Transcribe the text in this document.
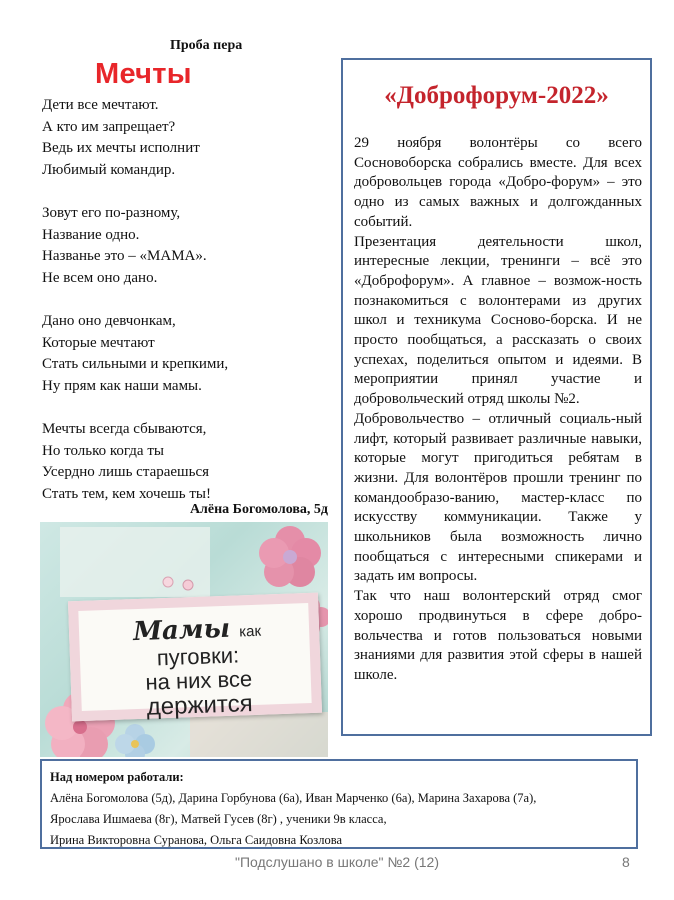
Проба пера
Мечты
Дети все мечтают.
А кто им запрещает?
Ведь их мечты исполнит
Любимый командир.
Зовут его по-разному,
Название одно.
Названье это – «МАМА».
Не всем оно дано.
Дано оно девчонкам,
Которые мечтают
Стать сильными и крепкими,
Ну прям как наши мамы.
Мечты всегда сбываются,
Но только когда ты
Усердно лишь стараешься
Стать тем, кем хочешь ты!
Алёна Богомолова, 5д
Мамы как
пуговки:
на них все
держится
«Доброфорум-2022»

29 ноября волонтёры со всего Сосновоборска собрались вместе. Для всех добровольцев города «Добро-форум» – это одно из самых важных и долгожданных событий.

Презентация деятельности школ, интересные лекции, тренинги – всё это «Доброфорум». А главное – возмож-ность познакомиться с волонтерами из других школ и техникума Сосново-борска. И не просто пообщаться, а рассказать о своих успехах, поделиться опытом и идеями. В мероприятии принял участие и добровольческий отряд школы №2.

Добровольчество – отличный социаль-ный лифт, который развивает различные навыки, которые могут пригодиться ребятам в жизни. Для волонтёров прошли тренинг по командообразо-ванию, мастер-класс по искусству коммуникации. Также у школьников была возможность лично пообщаться с интересными спикерами и задать им вопросы.

Так что наш волонтерский отряд смог хорошо продвинуться в сфере добро-вольчества и готов пользоваться новыми знаниями для развития этой сферы в нашей школе.

Над номером работали:
Алёна Богомолова (5д), Дарина Горбунова (6а), Иван Марченко (6а), Марина Захарова (7а),
Ярослава Ишмаева (8г), Матвей Гусев (8г) , ученики 9в класса,
Ирина Викторовна Суранова, Ольга Саидовна Козлова
"Подслушано в школе" №2 (12)	8
